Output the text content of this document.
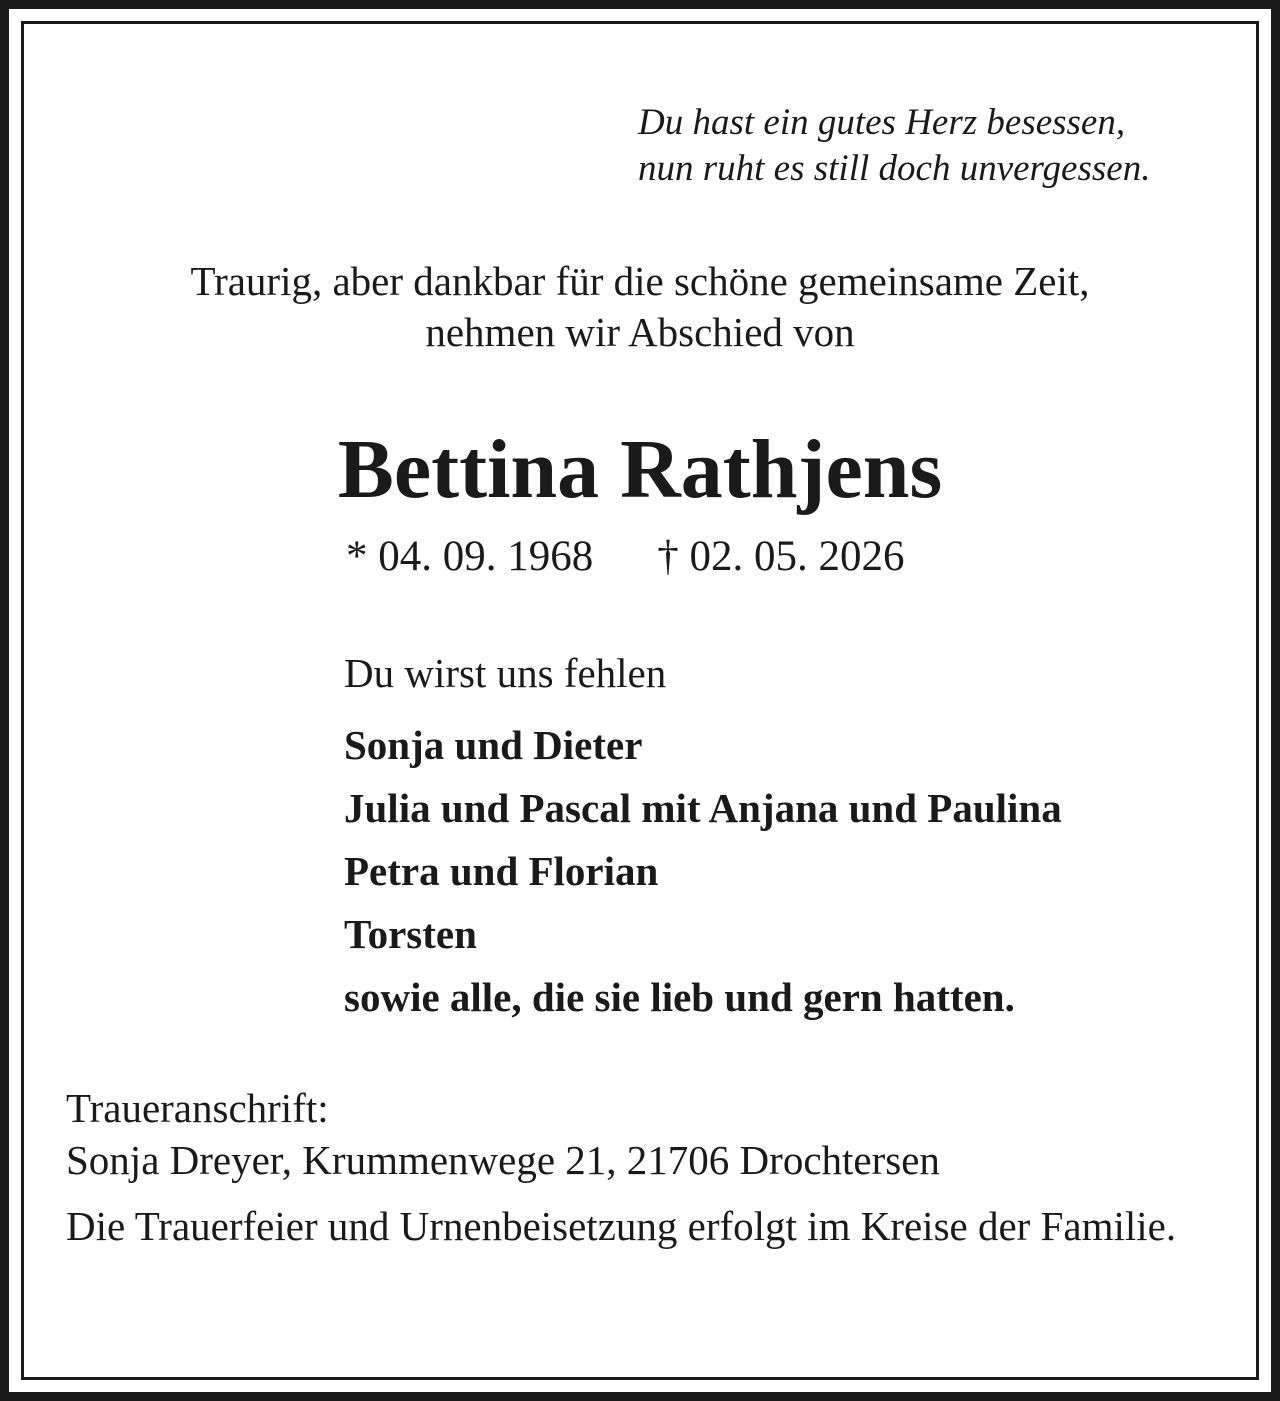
Du hast ein gutes Herz besessen,
nun ruht es still doch unvergessen.

Traurig, aber dankbar für die schöne gemeinsame Zeit,
nehmen wir Abschied von

Bettina Rathjens

* 04. 09. 1968 † 02. 05. 2026

Du wirst uns fehlen

Sonja und Dieter
Julia und Pascal mit Anjana und Paulina
Petra und Florian
Torsten
sowie alle, die sie lieb und gern hatten.

Traueranschrift:
Sonja Dreyer, Krummenwege 21, 21706 Drochtersen

Die Trauerfeier und Urnenbeisetzung erfolgt im Kreise der Familie.
